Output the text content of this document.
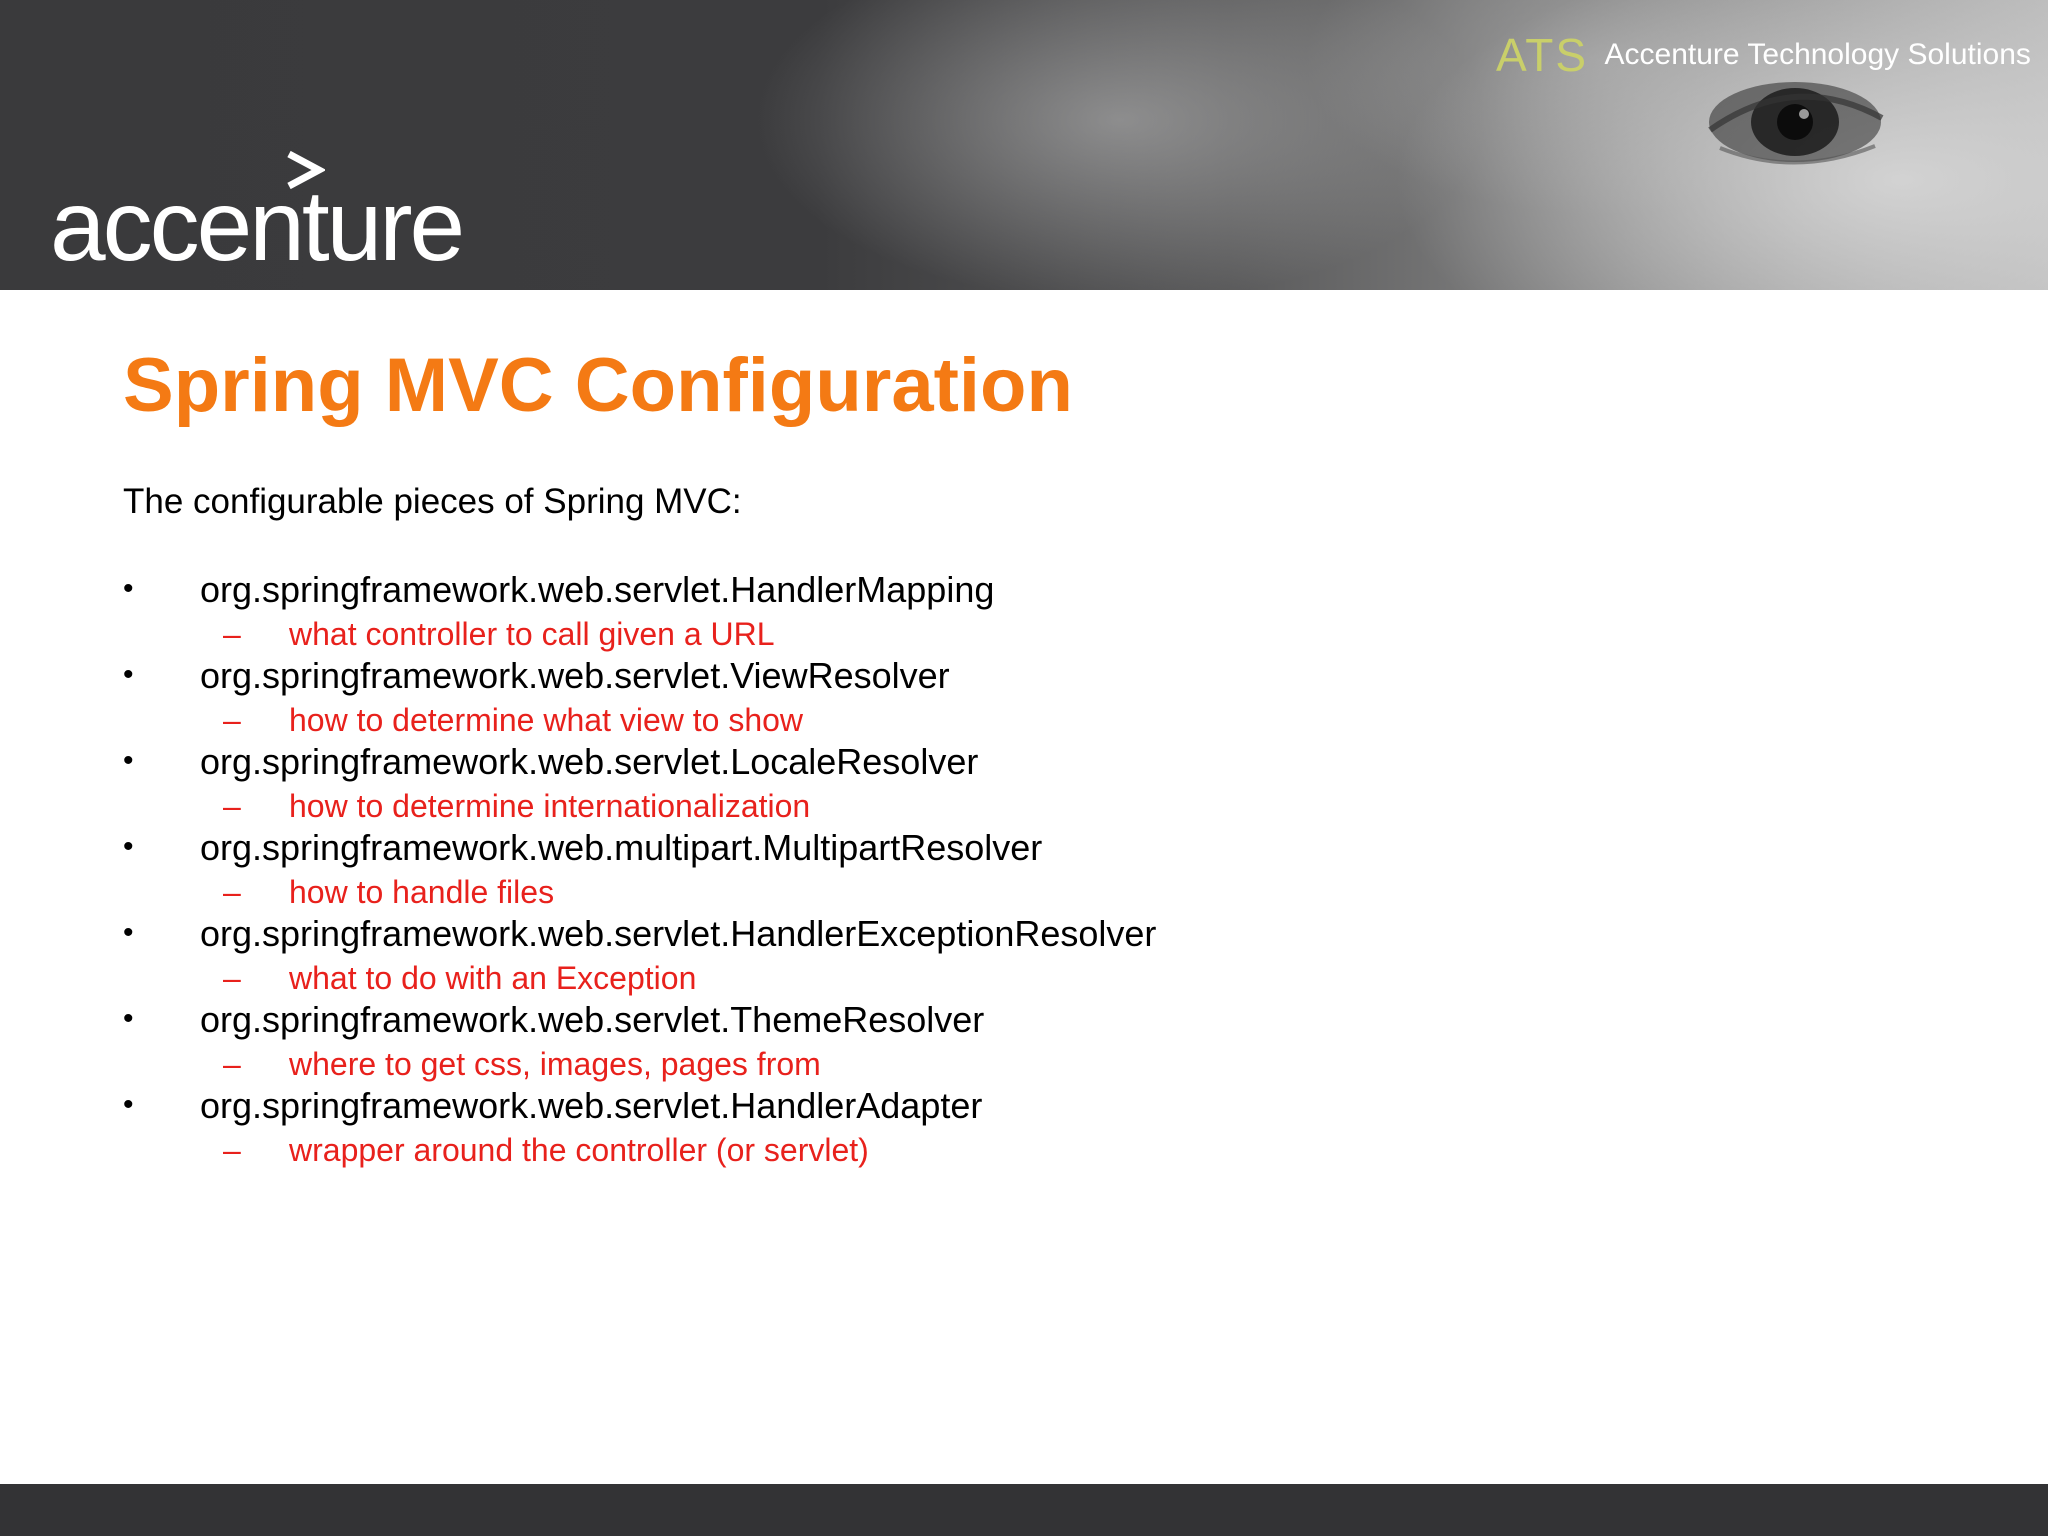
accenture
ATS Accenture Technology Solutions
Spring MVC Configuration
The configurable pieces of Spring MVC:
• org.springframework.web.servlet.HandlerMapping
– what controller to call given a URL
• org.springframework.web.servlet.ViewResolver
– how to determine what view to show
• org.springframework.web.servlet.LocaleResolver
– how to determine internationalization
• org.springframework.web.multipart.MultipartResolver
– how to handle files
• org.springframework.web.servlet.HandlerExceptionResolver
– what to do with an Exception
• org.springframework.web.servlet.ThemeResolver
– where to get css, images, pages from
• org.springframework.web.servlet.HandlerAdapter
– wrapper around the controller (or servlet)
